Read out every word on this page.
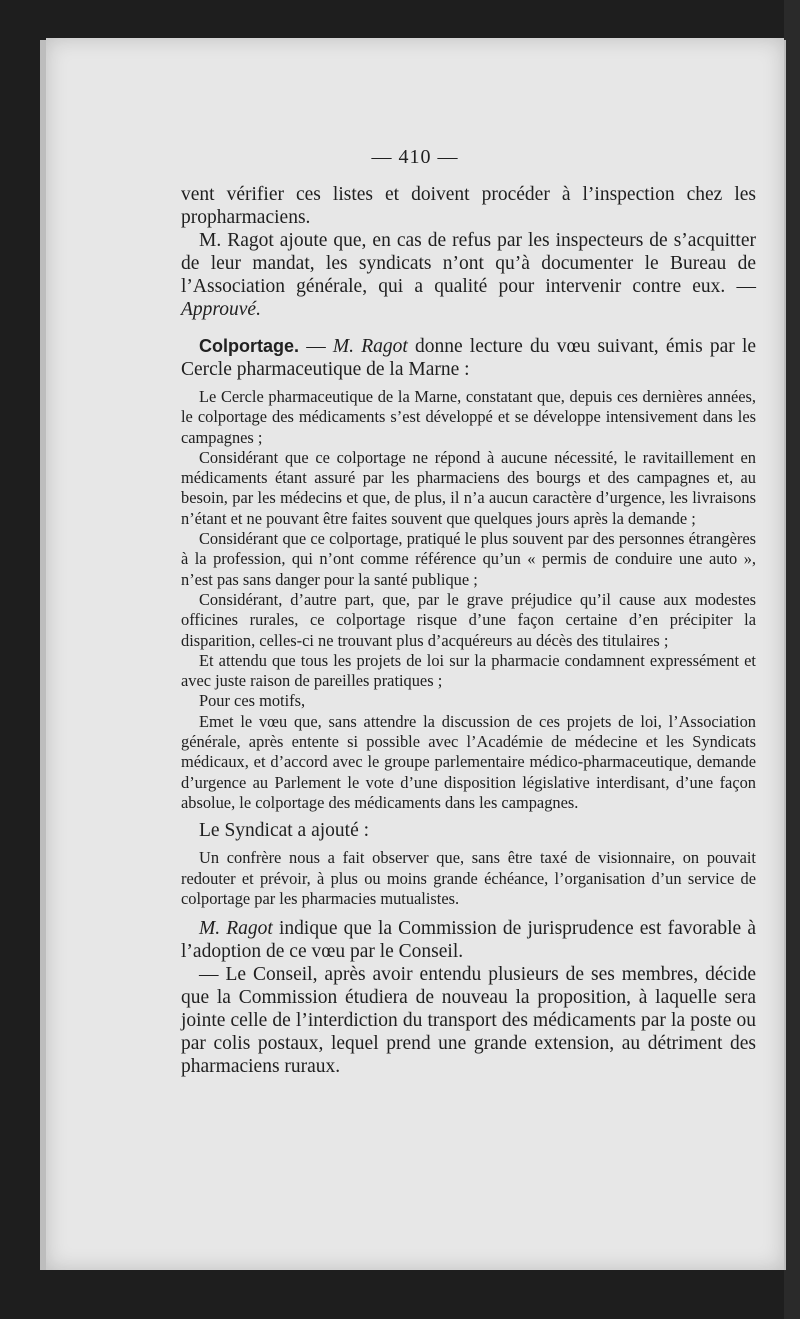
— 410 —

vent vérifier ces listes et doivent procéder à l’inspection chez les propharmaciens.

M. Ragot ajoute que, en cas de refus par les inspecteurs de s’acquitter de leur mandat, les syndicats n’ont qu’à documenter le Bureau de l’Association générale, qui a qualité pour intervenir contre eux. — Approuvé.

Colportage. — M. Ragot donne lecture du vœu suivant, émis par le Cercle pharmaceutique de la Marne :

Le Cercle pharmaceutique de la Marne, constatant que, depuis ces dernières années, le colportage des médicaments s’est développé et se développe intensivement dans les campagnes ;

Considérant que ce colportage ne répond à aucune nécessité, le ravitaillement en médicaments étant assuré par les pharmaciens des bourgs et des campagnes et, au besoin, par les médecins et que, de plus, il n’a aucun caractère d’urgence, les livraisons n’étant et ne pouvant être faites souvent que quelques jours après la demande ;

Considérant que ce colportage, pratiqué le plus souvent par des personnes étrangères à la profession, qui n’ont comme référence qu’un « permis de conduire une auto », n’est pas sans danger pour la santé publique ;

Considérant, d’autre part, que, par le grave préjudice qu’il cause aux modestes officines rurales, ce colportage risque d’une façon certaine d’en précipiter la disparition, celles-ci ne trouvant plus d’acquéreurs au décès des titulaires ;

Et attendu que tous les projets de loi sur la pharmacie condamnent expressément et avec juste raison de pareilles pratiques ;

Pour ces motifs,

Emet le vœu que, sans attendre la discussion de ces projets de loi, l’Association générale, après entente si possible avec l’Académie de médecine et les Syndicats médicaux, et d’accord avec le groupe parlementaire médico-pharmaceutique, demande d’urgence au Parlement le vote d’une disposition législative interdisant, d’une façon absolue, le colportage des médicaments dans les campagnes.

Le Syndicat a ajouté :

Un confrère nous a fait observer que, sans être taxé de visionnaire, on pouvait redouter et prévoir, à plus ou moins grande échéance, l’organisation d’un service de colportage par les pharmacies mutualistes.

M. Ragot indique que la Commission de jurisprudence est favorable à l’adoption de ce vœu par le Conseil.

— Le Conseil, après avoir entendu plusieurs de ses membres, décide que la Commission étudiera de nouveau la proposition, à laquelle sera jointe celle de l’interdiction du transport des médicaments par la poste ou par colis postaux, lequel prend une grande extension, au détriment des pharmaciens ruraux.
